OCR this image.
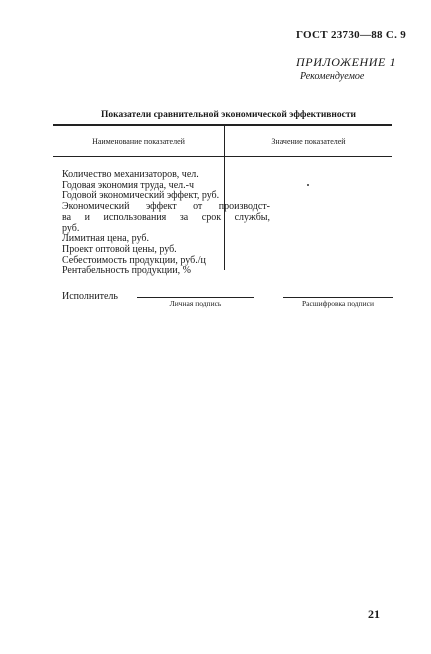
ГОСТ 23730—88 С. 9
ПРИЛОЖЕНИЕ 1
Рекомендуемое
Показатели сравнительной экономической эффективности
Наименование показателей	Значение показателей
Количество механизаторов, чел.
Годовая экономия труда, чел.-ч
Годовой экономический эффект, руб.
Экономический эффект от производст-
ва и использования за срок службы,
руб.
Лимитная цена, руб.
Проект оптовой цены, руб.
Себестоимость продукции, руб./ц
Рентабельность продукции, %
Исполнитель
Личная подпись	Расшифровка подписи
21
